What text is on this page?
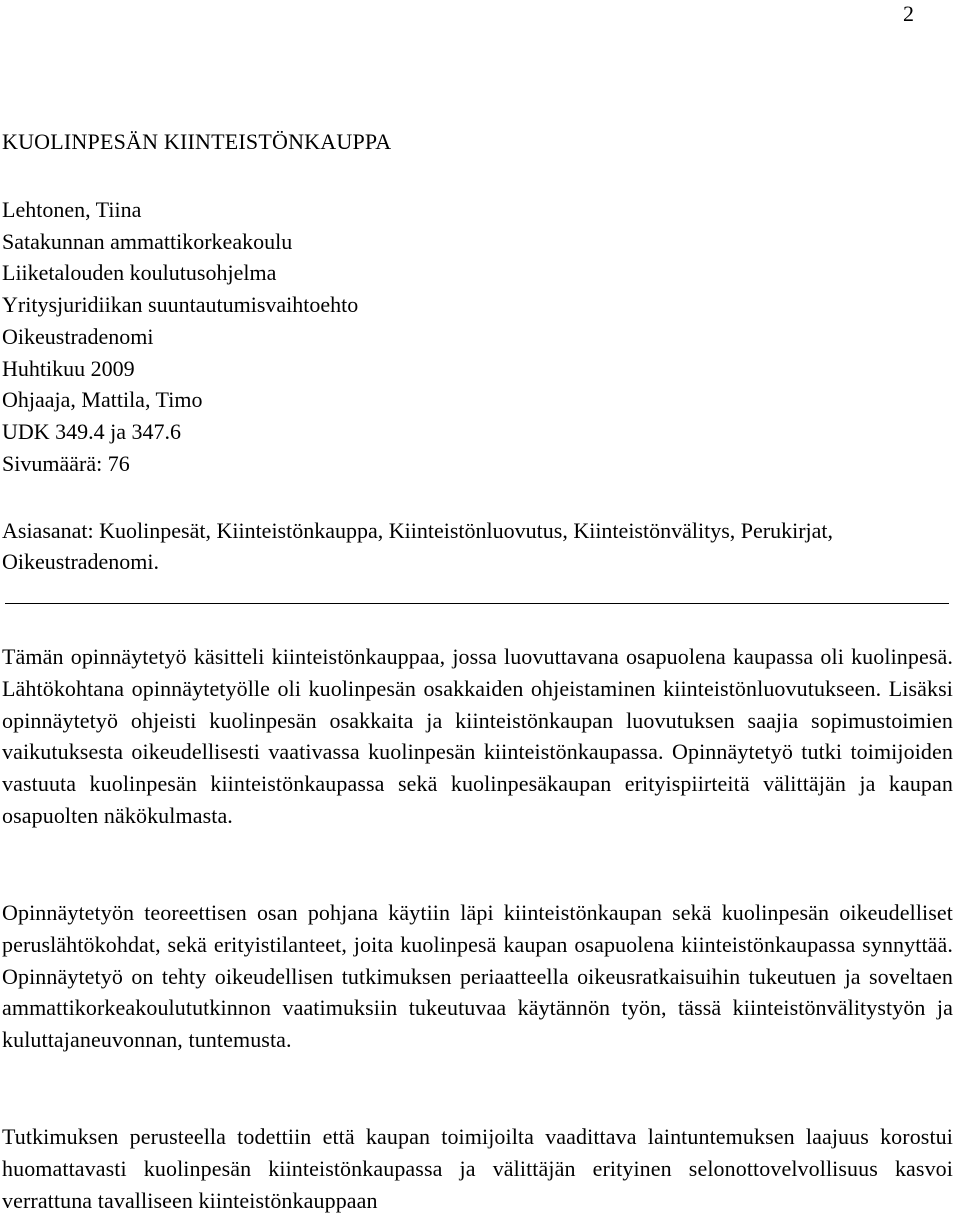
2
KUOLINPESÄN KIINTEISTÖNKAUPPA
Lehtonen, Tiina
Satakunnan ammattikorkeakoulu
Liiketalouden koulutusohjelma
Yritysjuridiikan suuntautumisvaihtoehto
Oikeustradenomi
Huhtikuu 2009
Ohjaaja, Mattila, Timo
UDK 349.4 ja 347.6
Sivumäärä: 76

Asiasanat: Kuolinpesät, Kiinteistönkauppa, Kiinteistönluovutus, Kiinteistönvälitys, Perukirjat, Oikeustradenomi.

Tämän opinnäytetyö käsitteli kiinteistönkauppaa, jossa luovuttavana osapuolena kaupassa oli kuolinpesä. Lähtökohtana opinnäytetyölle oli kuolinpesän osakkaiden ohjeistaminen kiinteistönluovutukseen. Lisäksi opinnäytetyö ohjeisti kuolinpesän osakkaita ja kiinteistönkaupan luovutuksen saajia sopimustoimien vaikutuksesta oikeudellisesti vaativassa kuolinpesän kiinteistönkaupassa. Opinnäytetyö tutki toimijoiden vastuuta kuolinpesän kiinteistönkaupassa sekä kuolinpesäkaupan erityispiirteitä välittäjän ja kaupan osapuolten näkökulmasta.

Opinnäytetyön teoreettisen osan pohjana käytiin läpi kiinteistönkaupan sekä kuolinpesän oikeudelliset peruslähtökohdat, sekä erityistilanteet, joita kuolinpesä kaupan osapuolena kiinteistönkaupassa synnyttää. Opinnäytetyö on tehty oikeudellisen tutkimuksen periaatteella oikeusratkaisuihin tukeutuen ja soveltaen ammattikorkeakoulututkinnon vaatimuksiin tukeutuvaa käytännön työn, tässä kiinteistönvälitystyön ja kuluttajaneuvonnan, tuntemusta.

Tutkimuksen perusteella todettiin että kaupan toimijoilta vaadittava laintuntemuksen laajuus korostui huomattavasti kuolinpesän kiinteistönkaupassa ja välittäjän erityinen selonottovelvollisuus kasvoi verrattuna tavalliseen kiinteistönkauppaan
